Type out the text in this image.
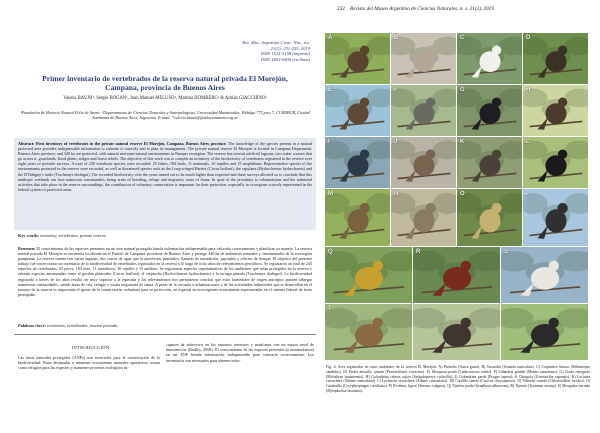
232 Revista del Museo Argentino de Ciencias Naturales, n. s. 21(2), 2019
Rev. Mus. Argentino Cienc. Nat., n.s.
21(2): 231-255, 2019
ISSN 1514-5158 (impresa)
ISSN 1853-0400 (en línea)
Primer inventario de vertebrados de la reserva natural privada El Morejón, Campana, provincia de Buenos Aires
Valeria BAUNI¹, Sergio BOGAN¹, Juan Manuel MELUSO¹, Martina HOMBERG¹ & Adrián GIACCHINO¹
¹Fundación de Historia Natural Félix de Azara - Departamento de Ciencias Naturales y Antropológicas, Universidad Maimónides, Hidalgo 775 piso 7, C1405BCK, Ciudad Autónoma de Buenos Aires, Argentina. E-mail: *valeria.bauni@fundacionazara.org.ar
Abstract: First inventory of vertebrates in the private natural reserve El Morejón, Campana, Buenos Aires province. The knowledge of the species present in a natural protected area provides indispensable information to valorate it correctly and to plan its management. The private natural reserve El Morejón is located in Campana Department, Buenos Aires province, and 340 ha are protected, with natural and semi-natural environments in Pampas ecoregion. The reserve has several artificial lagoons, two water courses that go across it, grasslands, flood plains, sedges and forest reliefs. The objective of this work was to compile an inventory of the biodiversity of vertebrates registered in the reserve over eight years of periodic surveys. A total of 249 vertebrate species were recorded: 25 fishes, 184 birds, 11 mammals, 10 reptiles and 15 amphibians. Representative species of the environments protected in the reserve were recorded, as well as threatened species such as the Long-winged Harrier (Circus buffoni), the capybara (Hydrochoerus hydrochaeris) and the D'Orbigny's turtle (Trachemys dorbigni). The recorded biodiversity over the years turned out to be much higher than expected and these surveys allowed us to conclude that this antrhopic wetlands can host numerous communities, being areas of breeding, refuge and migratory route of fauna. In spite of the proximity to urbanizations and the industrial activities that take place in the reserve surroundings, the contribution of voluntary conservation is important for their protection, especially in ecoregions scarcely represented in the federal system of protected areas.
Key words: inventory, vertebrates, private reserve.
Resumen: El conocimiento de las especies presentes en un área natural protegida brinda información indispensable para valorarla correctamente y planificar su manejo. La reserva natural privada El Morejón se encuentra localizada en el Partido de Campana, provincia de Buenos Aires y protege 340 ha de ambientes naturales y seminaturales de la ecorregión pampeana. La reserva cuenta con varias lagunas, dos cursos de agua que la atraviesan, pastizales, llanuras de inundación, pajonales y relictos de bosque. El objetivo del presente trabajo fue confeccionar un inventario de la biodiversidad de vertebrados registrados en la reserva a lo largo de ocho años de relevamientos periódicos. Se registraron un total de 245 especies de vertebrados: 25 peces, 184 aves, 11 mamíferos, 10 reptiles y 15 anfibios. Se registraron especies representativas de los ambientes que están protegidos en la reserva y además especies amenazadas como el gavilán planeador (Circus buffoni), el carpincho (Hydrochoerus hydrochaeris) y la tortuga pintada (Trachemys dorbigni). La biodiversidad registrada a través de los años resultó ser muy superior a la esperada y los relevamientos nos permitieron concluir que estos humedales de origen antrópico pueden albergar numerosas comunidades, siendo áreas de cría, refugio y escala migratoria de fauna. A pesar de la cercanía a urbanizaciones y de las actividades industriales que se desarrollan en el entorno de la reserva es importante el aporte de la conservación voluntaria para su protección, en especial en ecorregiones escasamente representadas en el sistema federal de áreas protegidas.
Palabras clave: inventario, vertebrados, reserva privada.
INTRODUCCIÓN
Las áreas naturales protegidas (ANPs) son esenciales para la conservación de la biodiversidad. Estas destinadas a mantener ecosistemas naturales operativos, actuar como refugios para las especies y mantener procesos ecológicos in-
capaces de sobrevivir en los entornos terrestres y marítimos con un mayor nivel de intervención (Dudley, 2008). El conocimiento de las especies presentes (o nomenclatura) en un ANP brinda información indispensable para valorarla correctamente. Los inventarios son necesarios para obtener infor-
A	B	C	D
E	F	G	H
I	J	K	L
M	N	O	P
Q	R	S
T
Fig. 4. Aves registradas en otros ambientes de la reserva El Morejón. A) Pirincho (Guira guira). B) Tacuarita (Zenaida auriculata). C) Carpintero blanco (Melanerpes candidus). D) Pecho amarillo común (Pseudoleistes virescens). E) Mosqueta parda (Lathrotriccus euleri). F) Calandria grande (Mimus saturninus). G) Tordo renegrido (Molothrus bonariensis). H) Golondrina cabeza rojiza (Stelgidopteryx ruficollis). I) Golondrina parda (Progne tapera). J) Chingolo (Zonotrichia capensis). K) Lechuza vizcachera (Athene cunicularia). L) Lechucita vizcachera (Athene cunicularia). M) Cardillo canela (Cacicus chrysopterus). N) Pirincho común (Chlorostilbon lucidus). O) Cardenilla (Coryphospingus cucullatus). P) Picabuey ligero (Sturnus vulgaris). Q) Tijereta parda (Synallaxis albescens). R) Tijereta (Tyrannus savana). S) Mosqueta estriada (Myiophobus fasciatus).
